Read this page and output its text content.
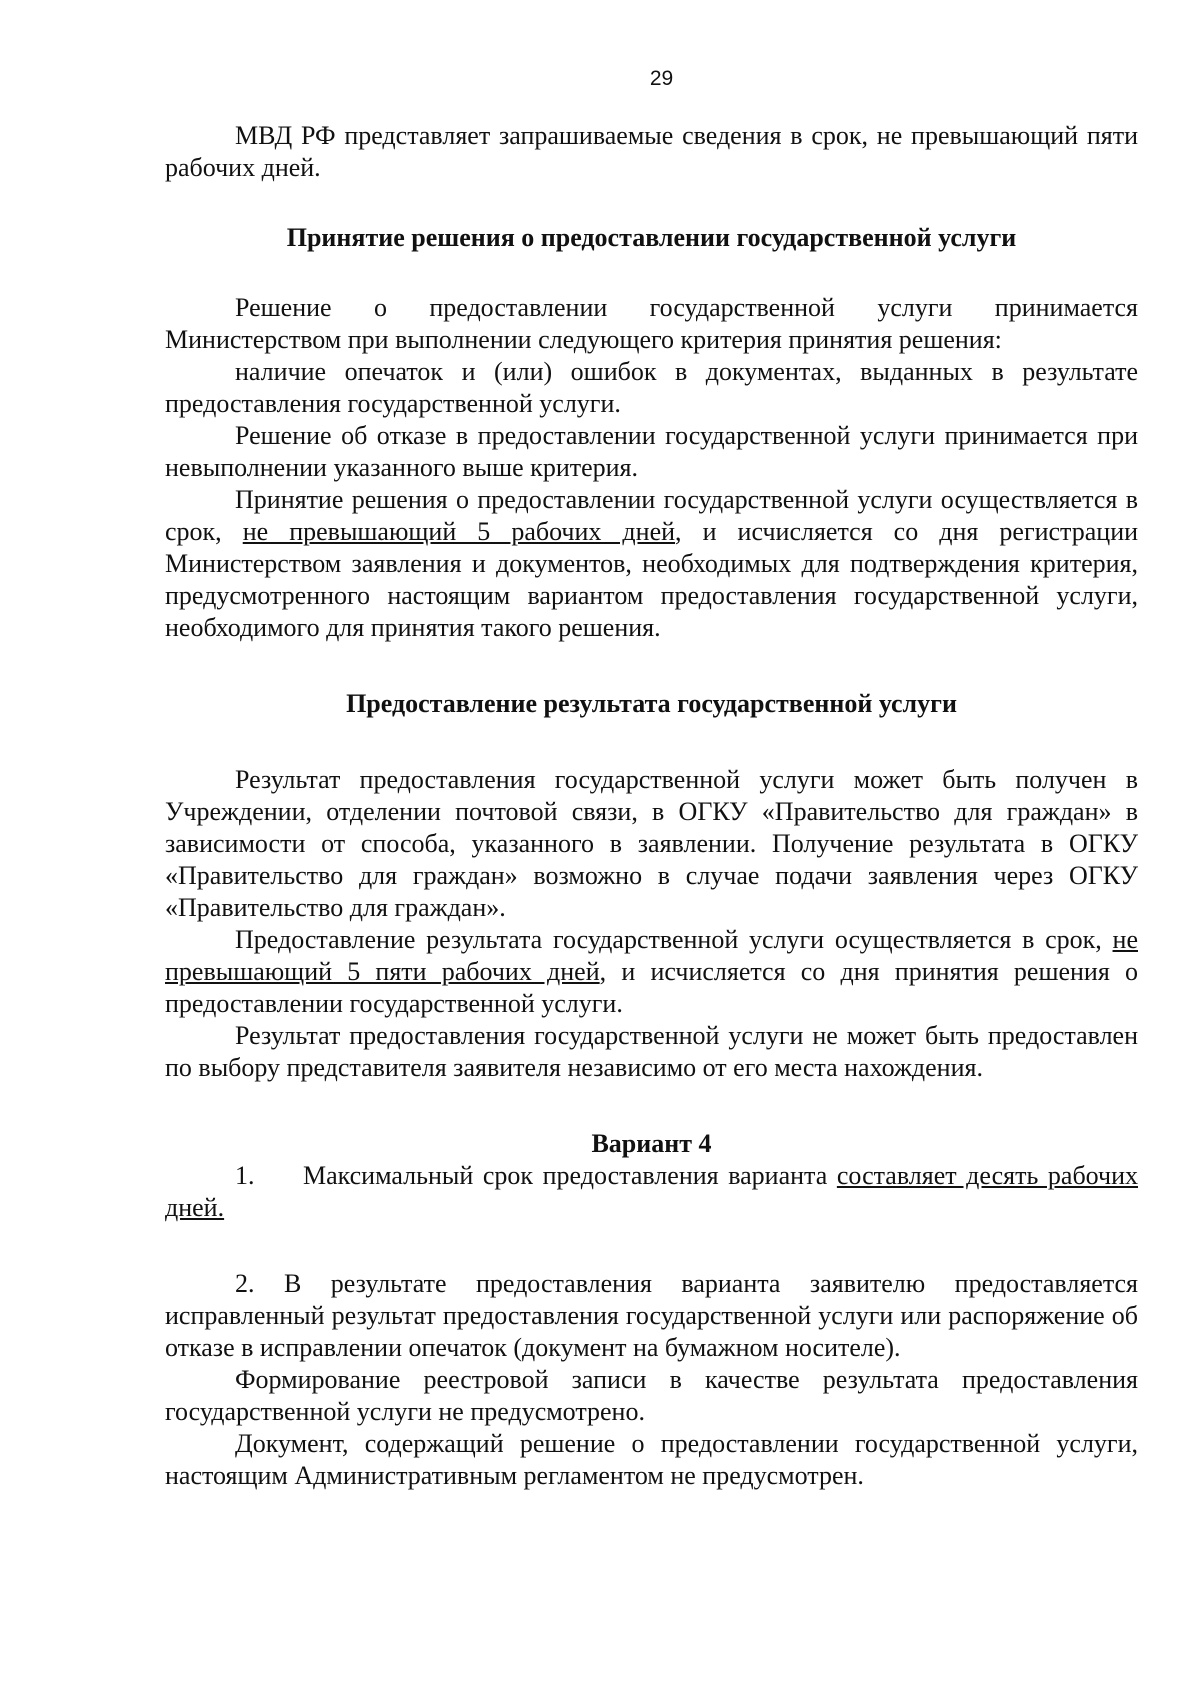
29

МВД РФ представляет запрашиваемые сведения в срок, не превышающий пяти рабочих дней.

Принятие решения о предоставлении государственной услуги

Решение о предоставлении государственной услуги принимается Министерством при выполнении следующего критерия принятия решения:

наличие опечаток и (или) ошибок в документах, выданных в результате предоставления государственной услуги.

Решение об отказе в предоставлении государственной услуги принимается при невыполнении указанного выше критерия.

Принятие решения о предоставлении государственной услуги осуществляется в срок, не превышающий 5 рабочих дней, и исчисляется со дня регистрации Министерством заявления и документов, необходимых для подтверждения критерия, предусмотренного настоящим вариантом предоставления государственной услуги, необходимого для принятия такого решения.

Предоставление результата государственной услуги

Результат предоставления государственной услуги может быть получен в Учреждении, отделении почтовой связи, в ОГКУ «Правительство для граждан» в зависимости от способа, указанного в заявлении. Получение результата в ОГКУ «Правительство для граждан» возможно в случае подачи заявления через ОГКУ «Правительство для граждан».

Предоставление результата государственной услуги осуществляется в срок, не превышающий 5 пяти рабочих дней, и исчисляется со дня принятия решения о предоставлении государственной услуги.

Результат предоставления государственной услуги не может быть предоставлен по выбору представителя заявителя независимо от его места нахождения.

Вариант 4

1. Максимальный срок предоставления варианта составляет десять рабочих дней.

2. В результате предоставления варианта заявителю предоставляется исправленный результат предоставления государственной услуги или распоряжение об отказе в исправлении опечаток (документ на бумажном носителе).

Формирование реестровой записи в качестве результата предоставления государственной услуги не предусмотрено.

Документ, содержащий решение о предоставлении государственной услуги, настоящим Административным регламентом не предусмотрен.
